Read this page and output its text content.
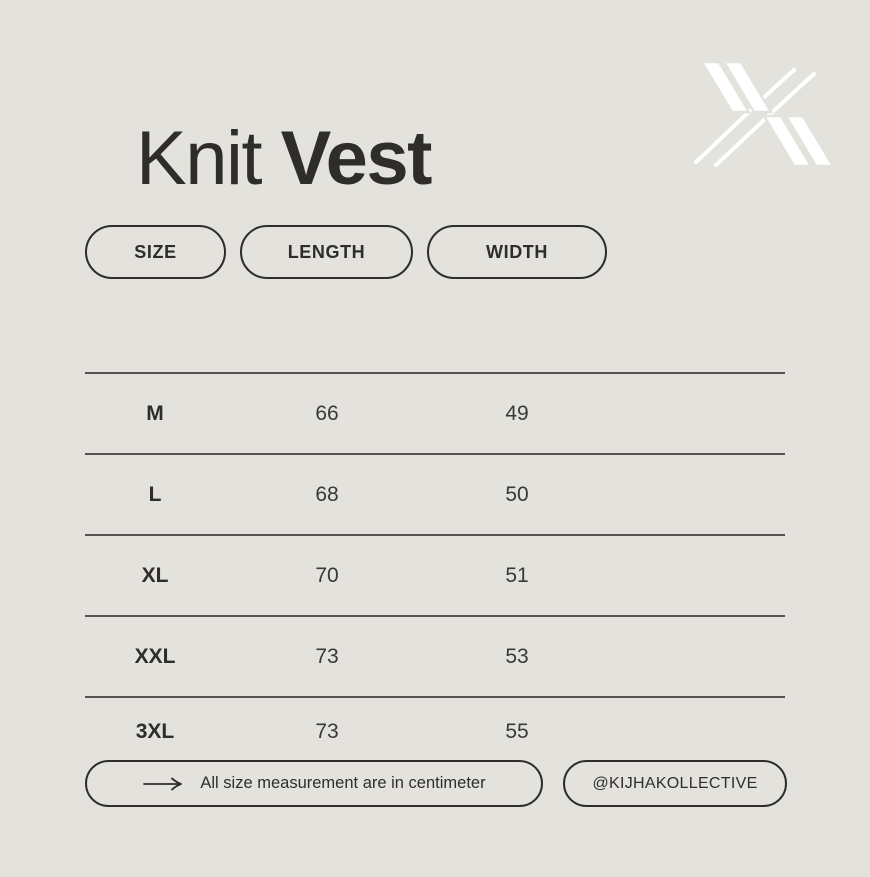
Knit Vest
SIZE	LENGTH	WIDTH
M	66	49
L	68	50
XL	70	51
XXL	73	53
3XL	73	55
All size measurement are in centimeter	@KIJHAKOLLECTIVE
